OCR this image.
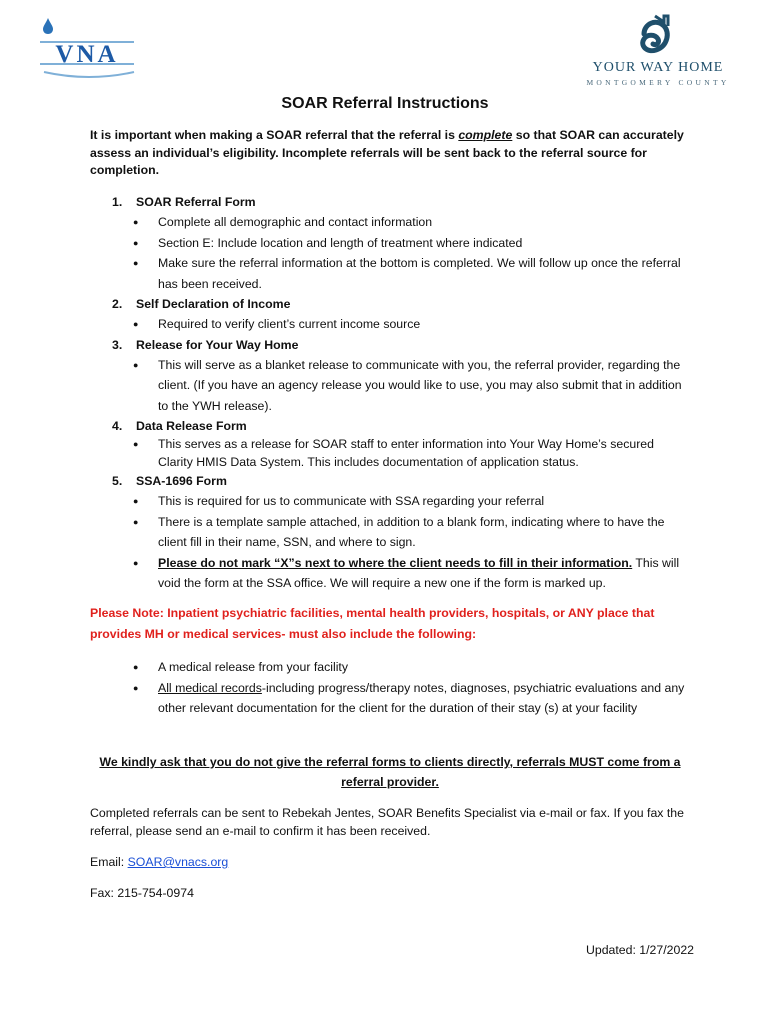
VNA	YOUR WAY HOME
MONTGOMERY COUNTY
SOAR Referral Instructions
It is important when making a SOAR referral that the referral is complete so that SOAR can accurately assess an individual’s eligibility. Incomplete referrals will be sent back to the referral source for completion.
1. SOAR Referral Form
● Complete all demographic and contact information
● Section E: Include location and length of treatment where indicated
● Make sure the referral information at the bottom is completed. We will follow up once the referral has been received.
2. Self Declaration of Income
● Required to verify client’s current income source
3. Release for Your Way Home
● This will serve as a blanket release to communicate with you, the referral provider, regarding the client. (If you have an agency release you would like to use, you may also submit that in addition to the YWH release).
4. Data Release Form
● This serves as a release for SOAR staff to enter information into Your Way Home’s secured Clarity HMIS Data System. This includes documentation of application status.
5. SSA-1696 Form
● This is required for us to communicate with SSA regarding your referral
● There is a template sample attached, in addition to a blank form, indicating where to have the client fill in their name, SSN, and where to sign.
● Please do not mark “X”s next to where the client needs to fill in their information. This will void the form at the SSA office. We will require a new one if the form is marked up.
Please Note: Inpatient psychiatric facilities, mental health providers, hospitals, or ANY place that provides MH or medical services- must also include the following:
● A medical release from your facility
● All medical records-including progress/therapy notes, diagnoses, psychiatric evaluations and any other relevant documentation for the client for the duration of their stay (s) at your facility
We kindly ask that you do not give the referral forms to clients directly, referrals MUST come from a referral provider.
Completed referrals can be sent to Rebekah Jentes, SOAR Benefits Specialist via e-mail or fax. If you fax the referral, please send an e-mail to confirm it has been received.
Email: SOAR@vnacs.org
Fax: 215-754-0974
Updated: 1/27/2022
